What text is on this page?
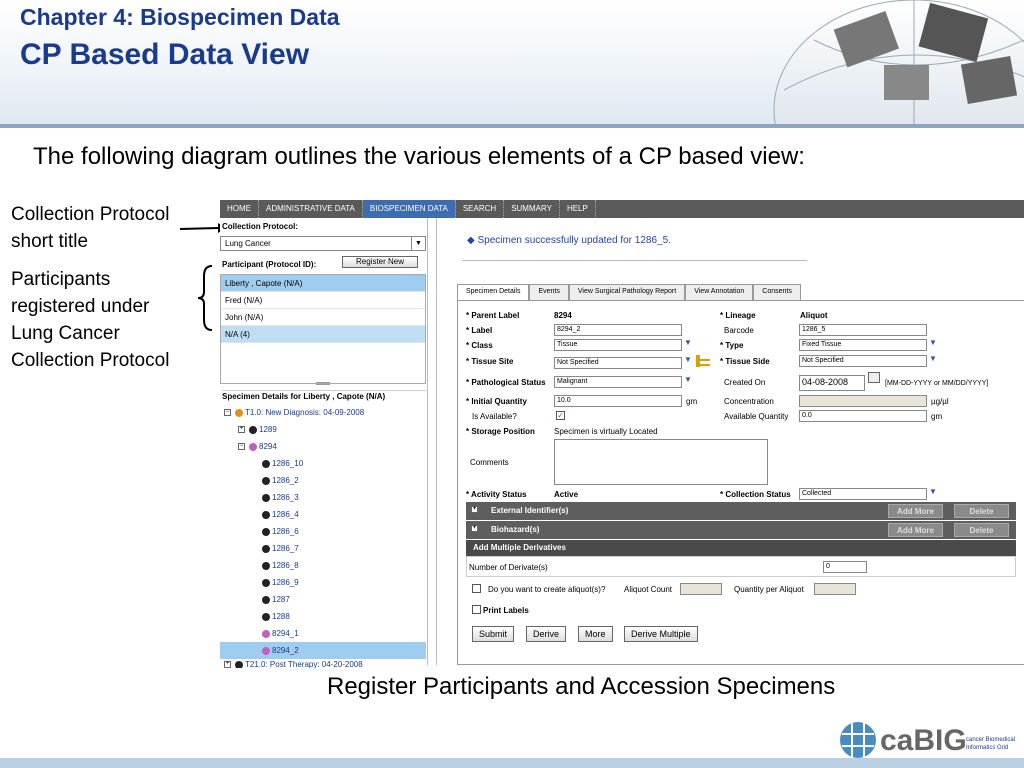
Chapter 4: Biospecimen Data
CP Based Data View
The following diagram outlines the various elements of a CP based view:
Collection Protocol
short title
Participants
registered under
Lung Cancer
Collection Protocol
HOME	ADMINISTRATIVE DATA	BIOSPECIMEN DATA	SEARCH	SUMMARY	HELP
Collection Protocol:
Lung Cancer	▼
Participant (Protocol ID):	Register New
Liberty , Capote (N/A)
Fred (N/A)
John (N/A)
N/A (4)
Specimen Details for Liberty , Capote (N/A)
− T1.0: New Diagnosis: 04-09-2008
+ 1289
− 8294
1286_10
1286_2
1286_3
1286_4
1286_6
1286_7
1286_8
1286_9
1287
1288
8294_1
8294_2
+ T21.0: Post Therapy: 04-20-2008
◆ Specimen successfully updated for 1286_5.
Specimen Details	Events	View Surgical Pathology Report	View Annotation	Consents
* Parent Label	8294	* Lineage	Aliquot
* Label	8294_2	Barcode	1286_5
* Class	Tissue	▼	* Type	Fixed Tissue	▼
* Tissue Site	Not Specified	▼	* Tissue Side	Not Specified	▼
* Pathological Status	Malignant	▼	Created On	04-08-2008	[MM-DD-YYYY or MM/DD/YYYY]
* Initial Quantity	10.0	gm	Concentration	µg/µl
Is Available?	✓	Available Quantity	0.0	gm
* Storage Position Specimen is virtually Located
Comments
* Activity Status	Active	* Collection Status	Collected	▼
+ External Identifier(s)	Add More	Delete
+ Biohazard(s)	Add More	Delete
Add Multiple Derivatives
Number of Derivate(s)	0
Do you want to create aliquot(s)? Aliquot Count	Quantity per Aliquot
Print Labels
Submit	Derive	More	Derive Multiple
Register Participants and Accession Specimens
caBIG cancer Biomedical Informatics Grid
